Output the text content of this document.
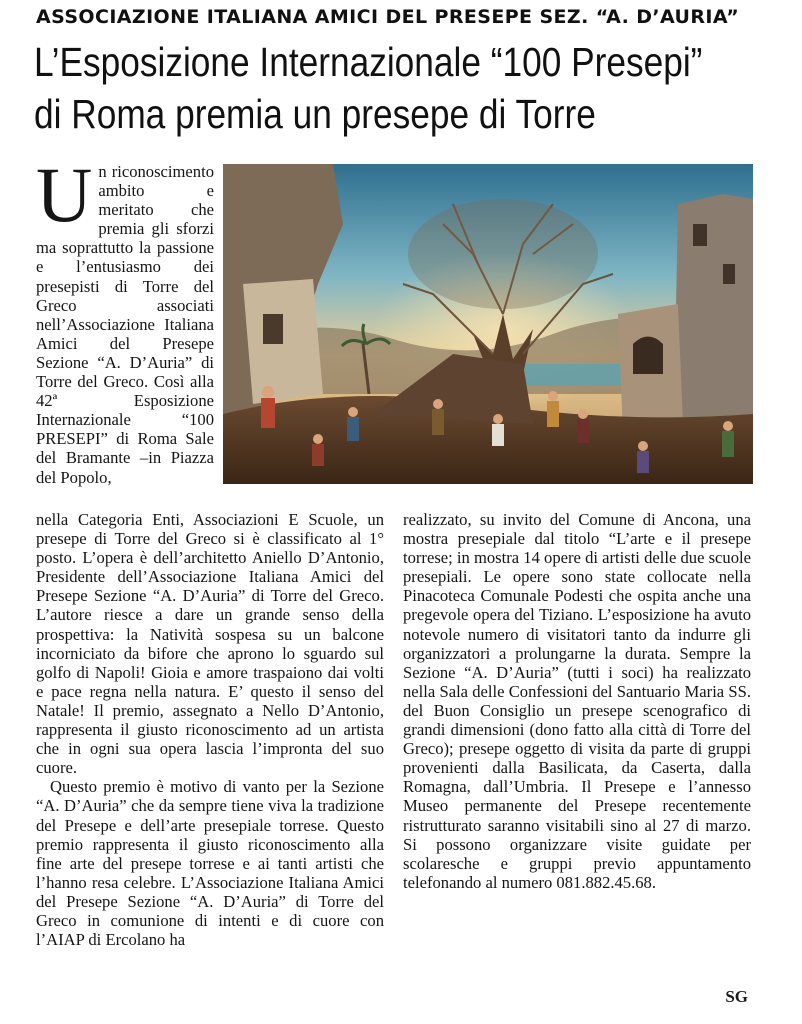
ASSOCIAZIONE ITALIANA AMICI DEL PRESEPE SEZ. “A. D’AURIA”
L’Esposizione Internazionale “100 Presepi”
di Roma premia un presepe di Torre

Un riconoscimento ambito e meritato che premia gli sforzi ma soprattutto la passione e l’entusiasmo dei presepisti di Torre del Greco associati nell’Associazione Italiana Amici del Presepe Sezione “A. D’Auria” di Torre del Greco. Così alla 42ª Esposizione Internazionale “100 PRESEPI” di Roma Sale del Bramante –in Piazza del Popolo,

nella Categoria Enti, Associazioni E Scuole, un presepe di Torre del Greco si è classificato al 1° posto. L’opera è dell’architetto Aniello D’Antonio, Presidente dell’Associazione Italiana Amici del Presepe Sezione “A. D’Auria” di Torre del Greco. L’autore riesce a dare un grande senso della prospettiva: la Natività sospesa su un balcone incorniciato da bifore che aprono lo sguardo sul golfo di Napoli! Gioia e amore traspaiono dai volti e pace regna nella natura. E’ questo il senso del Natale! Il premio, assegnato a Nello D’Antonio, rappresenta il giusto riconoscimento ad un artista che in ogni sua opera lascia l’impronta del suo cuore.

Questo premio è motivo di vanto per la Sezione “A. D’Auria” che da sempre tiene viva la tradizione del Presepe e dell’arte presepiale torrese. Questo premio rappresenta il giusto riconoscimento alla fine arte del presepe torrese e ai tanti artisti che l’hanno resa celebre. L’Associazione Italiana Amici del Presepe Sezione “A. D’Auria” di Torre del Greco in comunione di intenti e di cuore con l’AIAP di Ercolano ha

realizzato, su invito del Comune di Ancona, una mostra presepiale dal titolo “L’arte e il presepe torrese; in mostra 14 opere di artisti delle due scuole presepiali. Le opere sono state collocate nella Pinacoteca Comunale Podesti che ospita anche una pregevole opera del Tiziano. L’esposizione ha avuto notevole numero di visitatori tanto da indurre gli organizzatori a prolungarne la durata. Sempre la Sezione “A. D’Auria” (tutti i soci) ha realizzato nella Sala delle Confessioni del Santuario Maria SS. del Buon Consiglio un presepe scenografico di grandi dimensioni (dono fatto alla città di Torre del Greco); presepe oggetto di visita da parte di gruppi provenienti dalla Basilicata, da Caserta, dalla Romagna, dall’Umbria. Il Presepe e l’annesso Museo permanente del Presepe recentemente ristrutturato saranno visitabili sino al 27 di marzo. Si possono organizzare visite guidate per scolaresche e gruppi previo appuntamento telefonando al numero 081.882.45.68.

SG
